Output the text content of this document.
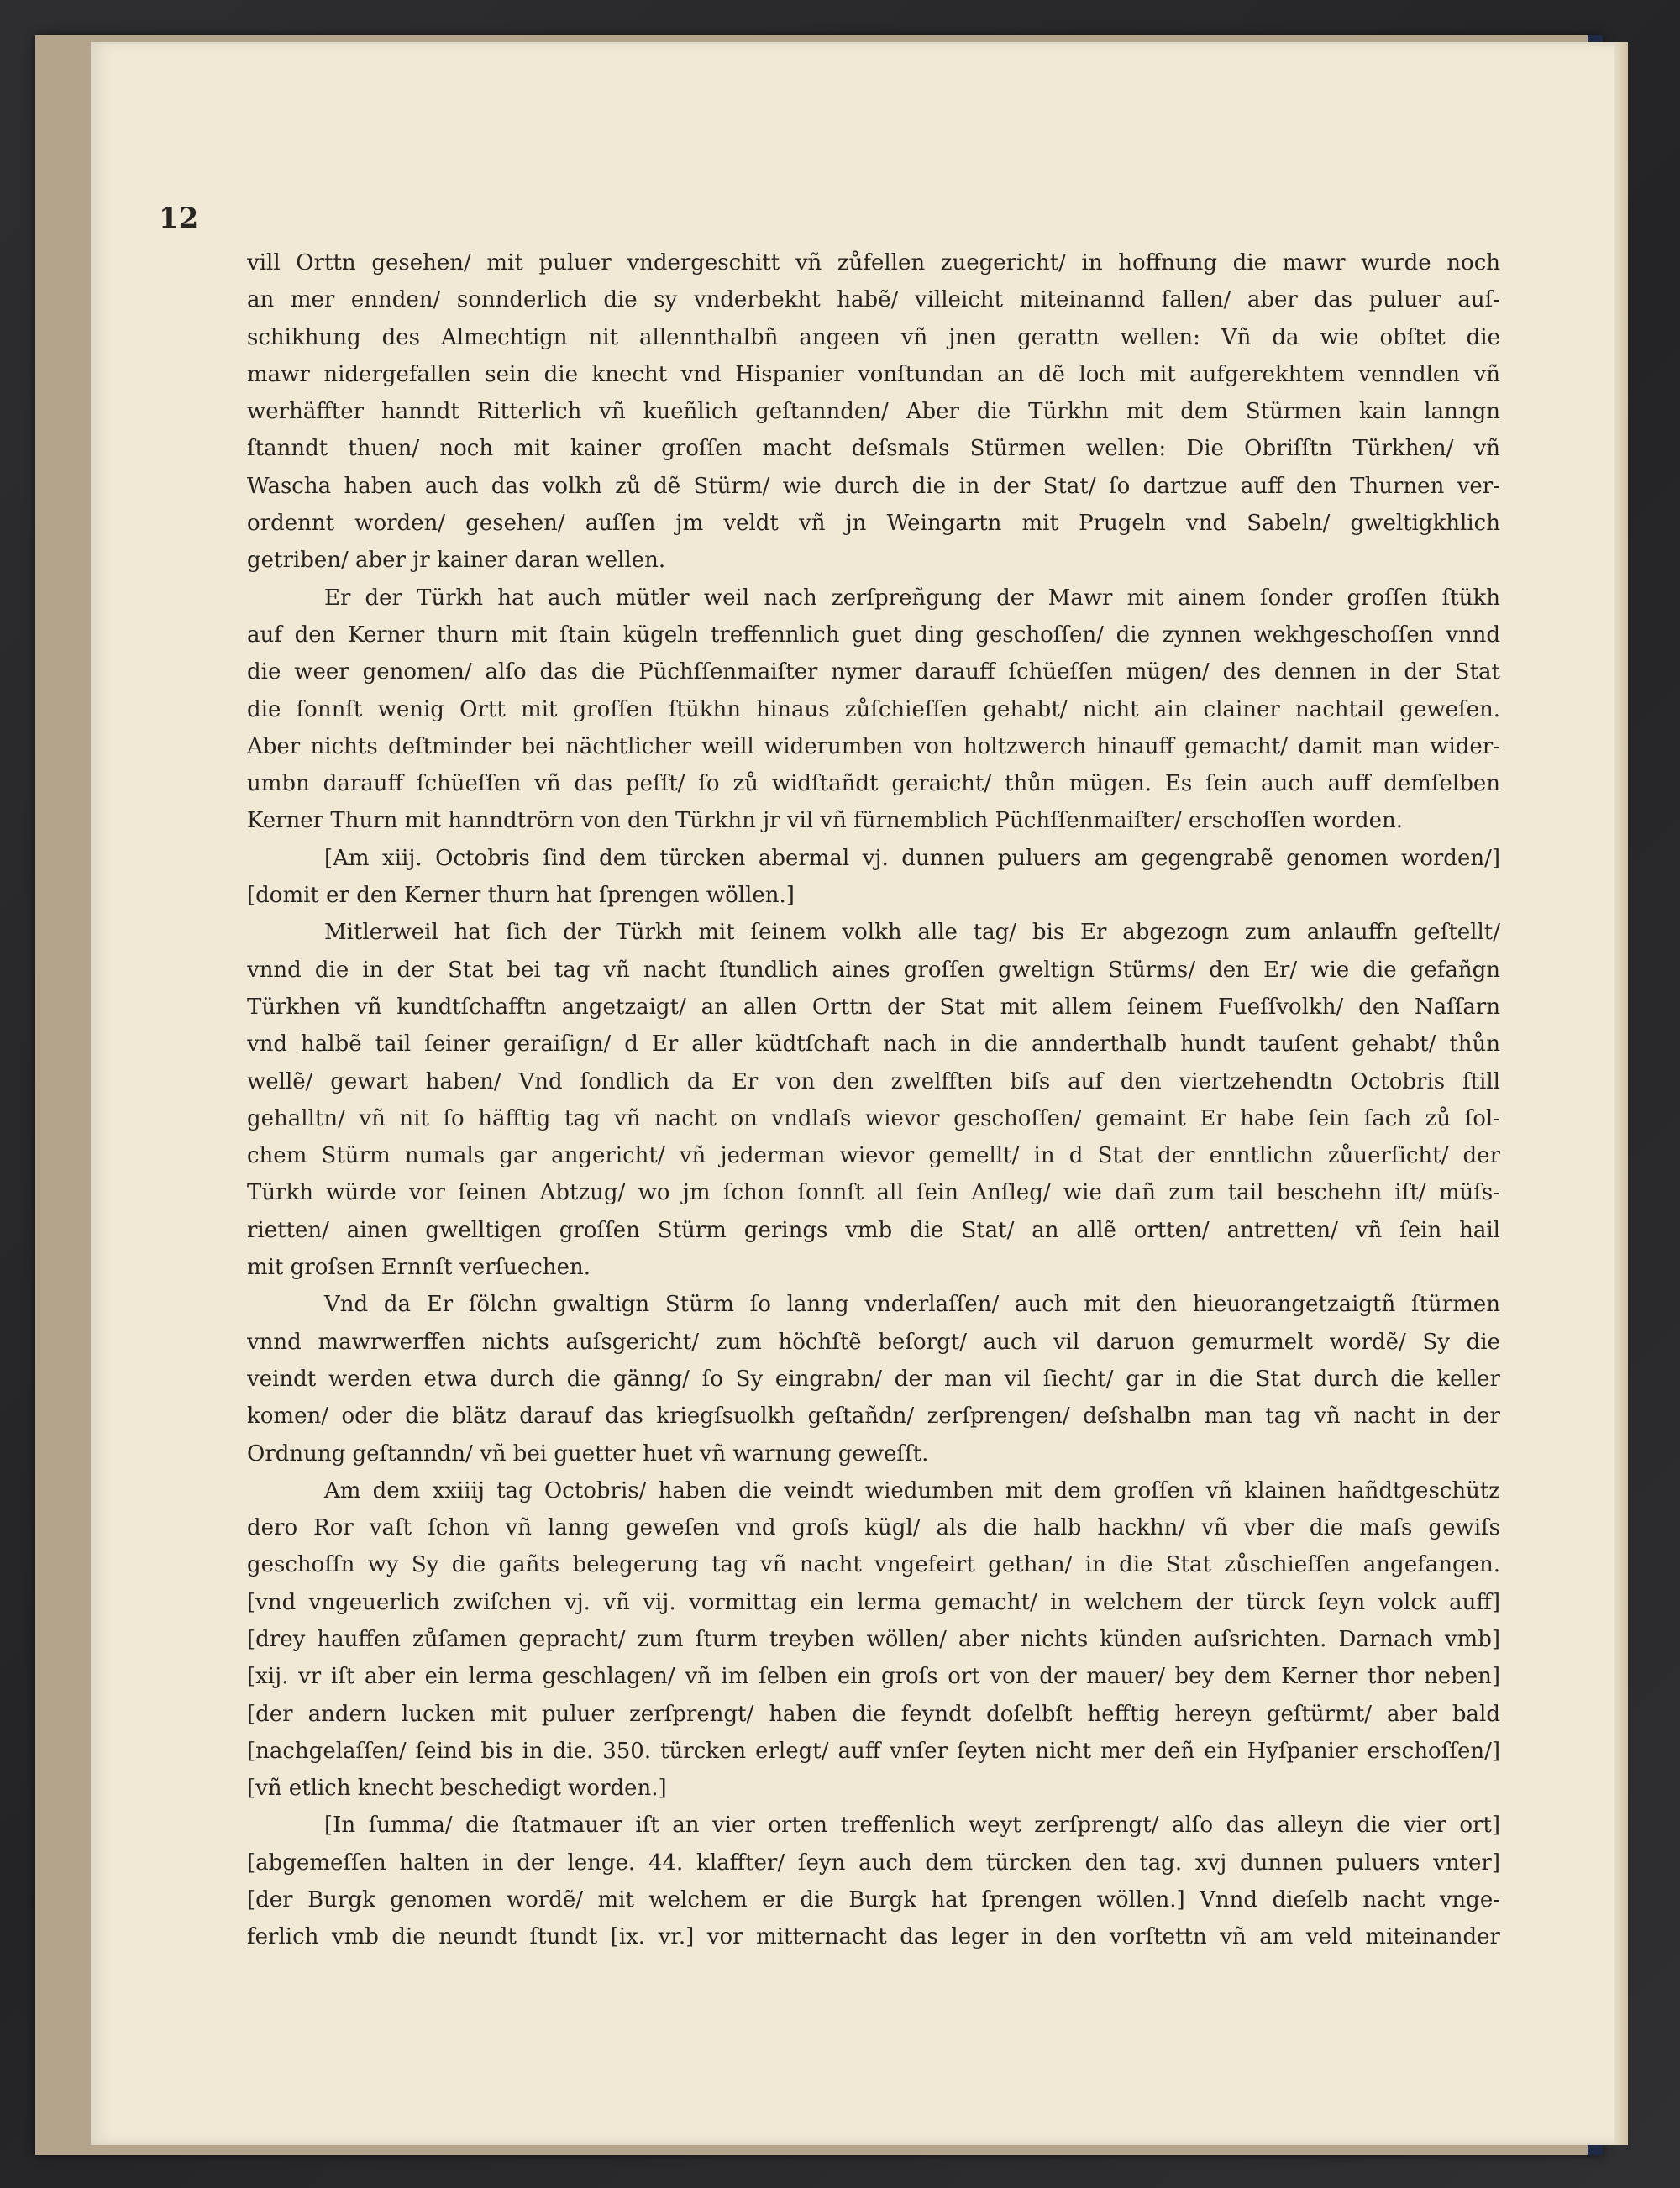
12
vill Orttn gesehen/ mit puluer vndergeschitt vñ zůfellen zuegericht/ in hoffnung die mawr wurde noch
an mer ennden/ sonnderlich die sy vnderbekht habẽ/ villeicht miteinannd fallen/ aber das puluer auſ-
schikhung des Almechtign nit allennthalbñ angeen vñ jnen gerattn wellen: Vñ da wie obſtet die
mawr nidergefallen sein die knecht vnd Hispanier vonſtundan an dẽ loch mit aufgerekhtem venndlen vñ
werhäffter hanndt Ritterlich vñ kueñlich geſtannden/ Aber die Türkhn mit dem Stürmen kain lanngn
ſtanndt thuen/ noch mit kainer groſſen macht deſsmals Stürmen wellen: Die Obriſſtn Türkhen/ vñ
Wascha haben auch das volkh zů dẽ Stürm/ wie durch die in der Stat/ ſo dartzue auff den Thurnen ver-
ordennt worden/ gesehen/ auſſen jm veldt vñ jn Weingartn mit Prugeln vnd Sabeln/ gweltigkhlich
getriben/ aber jr kainer daran wellen.
Er der Türkh hat auch mütler weil nach zerſpreñgung der Mawr mit ainem ſonder groſſen ſtükh
auf den Kerner thurn mit ſtain kügeln treffennlich guet ding geschoſſen/ die zynnen wekhgeschoſſen vnnd
die weer genomen/ alſo das die Püchſſenmaiſter nymer darauff ſchüeſſen mügen/ des dennen in der Stat
die ſonnſt wenig Ortt mit groſſen ſtükhn hinaus zůſchieſſen gehabt/ nicht ain clainer nachtail geweſen.
Aber nichts deſtminder bei nächtlicher weill widerumben von holtzwerch hinauff gemacht/ damit man wider-
umbn darauff ſchüeſſen vñ das peſſt/ ſo zů widſtañdt geraicht/ thůn mügen. Es ſein auch auff demſelben
Kerner Thurn mit hanndtrörn von den Türkhn jr vil vñ fürnemblich Püchſſenmaiſter/ erschoſſen worden.
[Am xiij. Octobris ſind dem türcken abermal vj. dunnen puluers am gegengrabẽ genomen worden/]
[domit er den Kerner thurn hat ſprengen wöllen.]
Mitlerweil hat ſich der Türkh mit ſeinem volkh alle tag/ bis Er abgezogn zum anlauffn geſtellt/
vnnd die in der Stat bei tag vñ nacht ſtundlich aines groſſen gweltign Stürms/ den Er/ wie die gefañgn
Türkhen vñ kundtſchafftn angetzaigt/ an allen Orttn der Stat mit allem ſeinem Fueſſvolkh/ den Naſſarn
vnd halbẽ tail ſeiner geraiſign/ d Er aller küdtſchaft nach in die annderthalb hundt tauſent gehabt/ thůn
wellẽ/ gewart haben/ Vnd ſondlich da Er von den zwelfften biſs auf den viertzehendtn Octobris ſtill
gehalltn/ vñ nit ſo häfftig tag vñ nacht on vndlaſs wievor geschoſſen/ gemaint Er habe ſein ſach zů ſol-
chem Stürm numals gar angericht/ vñ jederman wievor gemellt/ in d Stat der enntlichn zůuerſicht/ der
Türkh würde vor ſeinen Abtzug/ wo jm ſchon ſonnſt all ſein Anſleg/ wie dañ zum tail beschehn iſt/ müſs-
rietten/ ainen gwelltigen groſſen Stürm gerings vmb die Stat/ an allẽ ortten/ antretten/ vñ ſein hail
mit groſsen Ernnſt verſuechen.
Vnd da Er ſölchn gwaltign Stürm ſo lanng vnderlaſſen/ auch mit den hieuorangetzaigtñ ſtürmen
vnnd mawrwerffen nichts auſsgericht/ zum höchſtẽ beſorgt/ auch vil daruon gemurmelt wordẽ/ Sy die
veindt werden etwa durch die gänng/ ſo Sy eingrabn/ der man vil ſiecht/ gar in die Stat durch die keller
komen/ oder die blätz darauf das kriegſsuolkh geſtañdn/ zerſprengen/ deſshalbn man tag vñ nacht in der
Ordnung geſtanndn/ vñ bei guetter huet vñ warnung geweſſt.
Am dem xxiiij tag Octobris/ haben die veindt wiedumben mit dem groſſen vñ klainen hañdtgeschütz
dero Ror vaſt ſchon vñ lanng geweſen vnd groſs kügl/ als die halb hackhn/ vñ vber die maſs gewiſs
geschoſſn wy Sy die gañts belegerung tag vñ nacht vngefeirt gethan/ in die Stat zůschieſſen angefangen.
[vnd vngeuerlich zwiſchen vj. vñ vij. vormittag ein lerma gemacht/ in welchem der türck ſeyn volck auff]
[drey hauffen zůſamen gepracht/ zum ſturm treyben wöllen/ aber nichts künden auſsrichten. Darnach vmb]
[xij. vr iſt aber ein lerma geschlagen/ vñ im ſelben ein groſs ort von der mauer/ bey dem Kerner thor neben]
[der andern lucken mit puluer zerſprengt/ haben die feyndt doſelbſt hefftig hereyn geſtürmt/ aber bald
[nachgelaſſen/ ſeind bis in die. 350. türcken erlegt/ auff vnſer ſeyten nicht mer deñ ein Hyſpanier erschoſſen/]
[vñ etlich knecht beschedigt worden.]
[In ſumma/ die ſtatmauer iſt an vier orten treffenlich weyt zerſprengt/ alſo das alleyn die vier ort]
[abgemeſſen halten in der lenge. 44. klaffter/ ſeyn auch dem türcken den tag. xvj dunnen puluers vnter]
[der Burgk genomen wordẽ/ mit welchem er die Burgk hat ſprengen wöllen.] Vnnd dieſelb nacht vnge-
ferlich vmb die neundt ſtundt [ix. vr.] vor mitternacht das leger in den vorſtettn vñ am veld miteinander
